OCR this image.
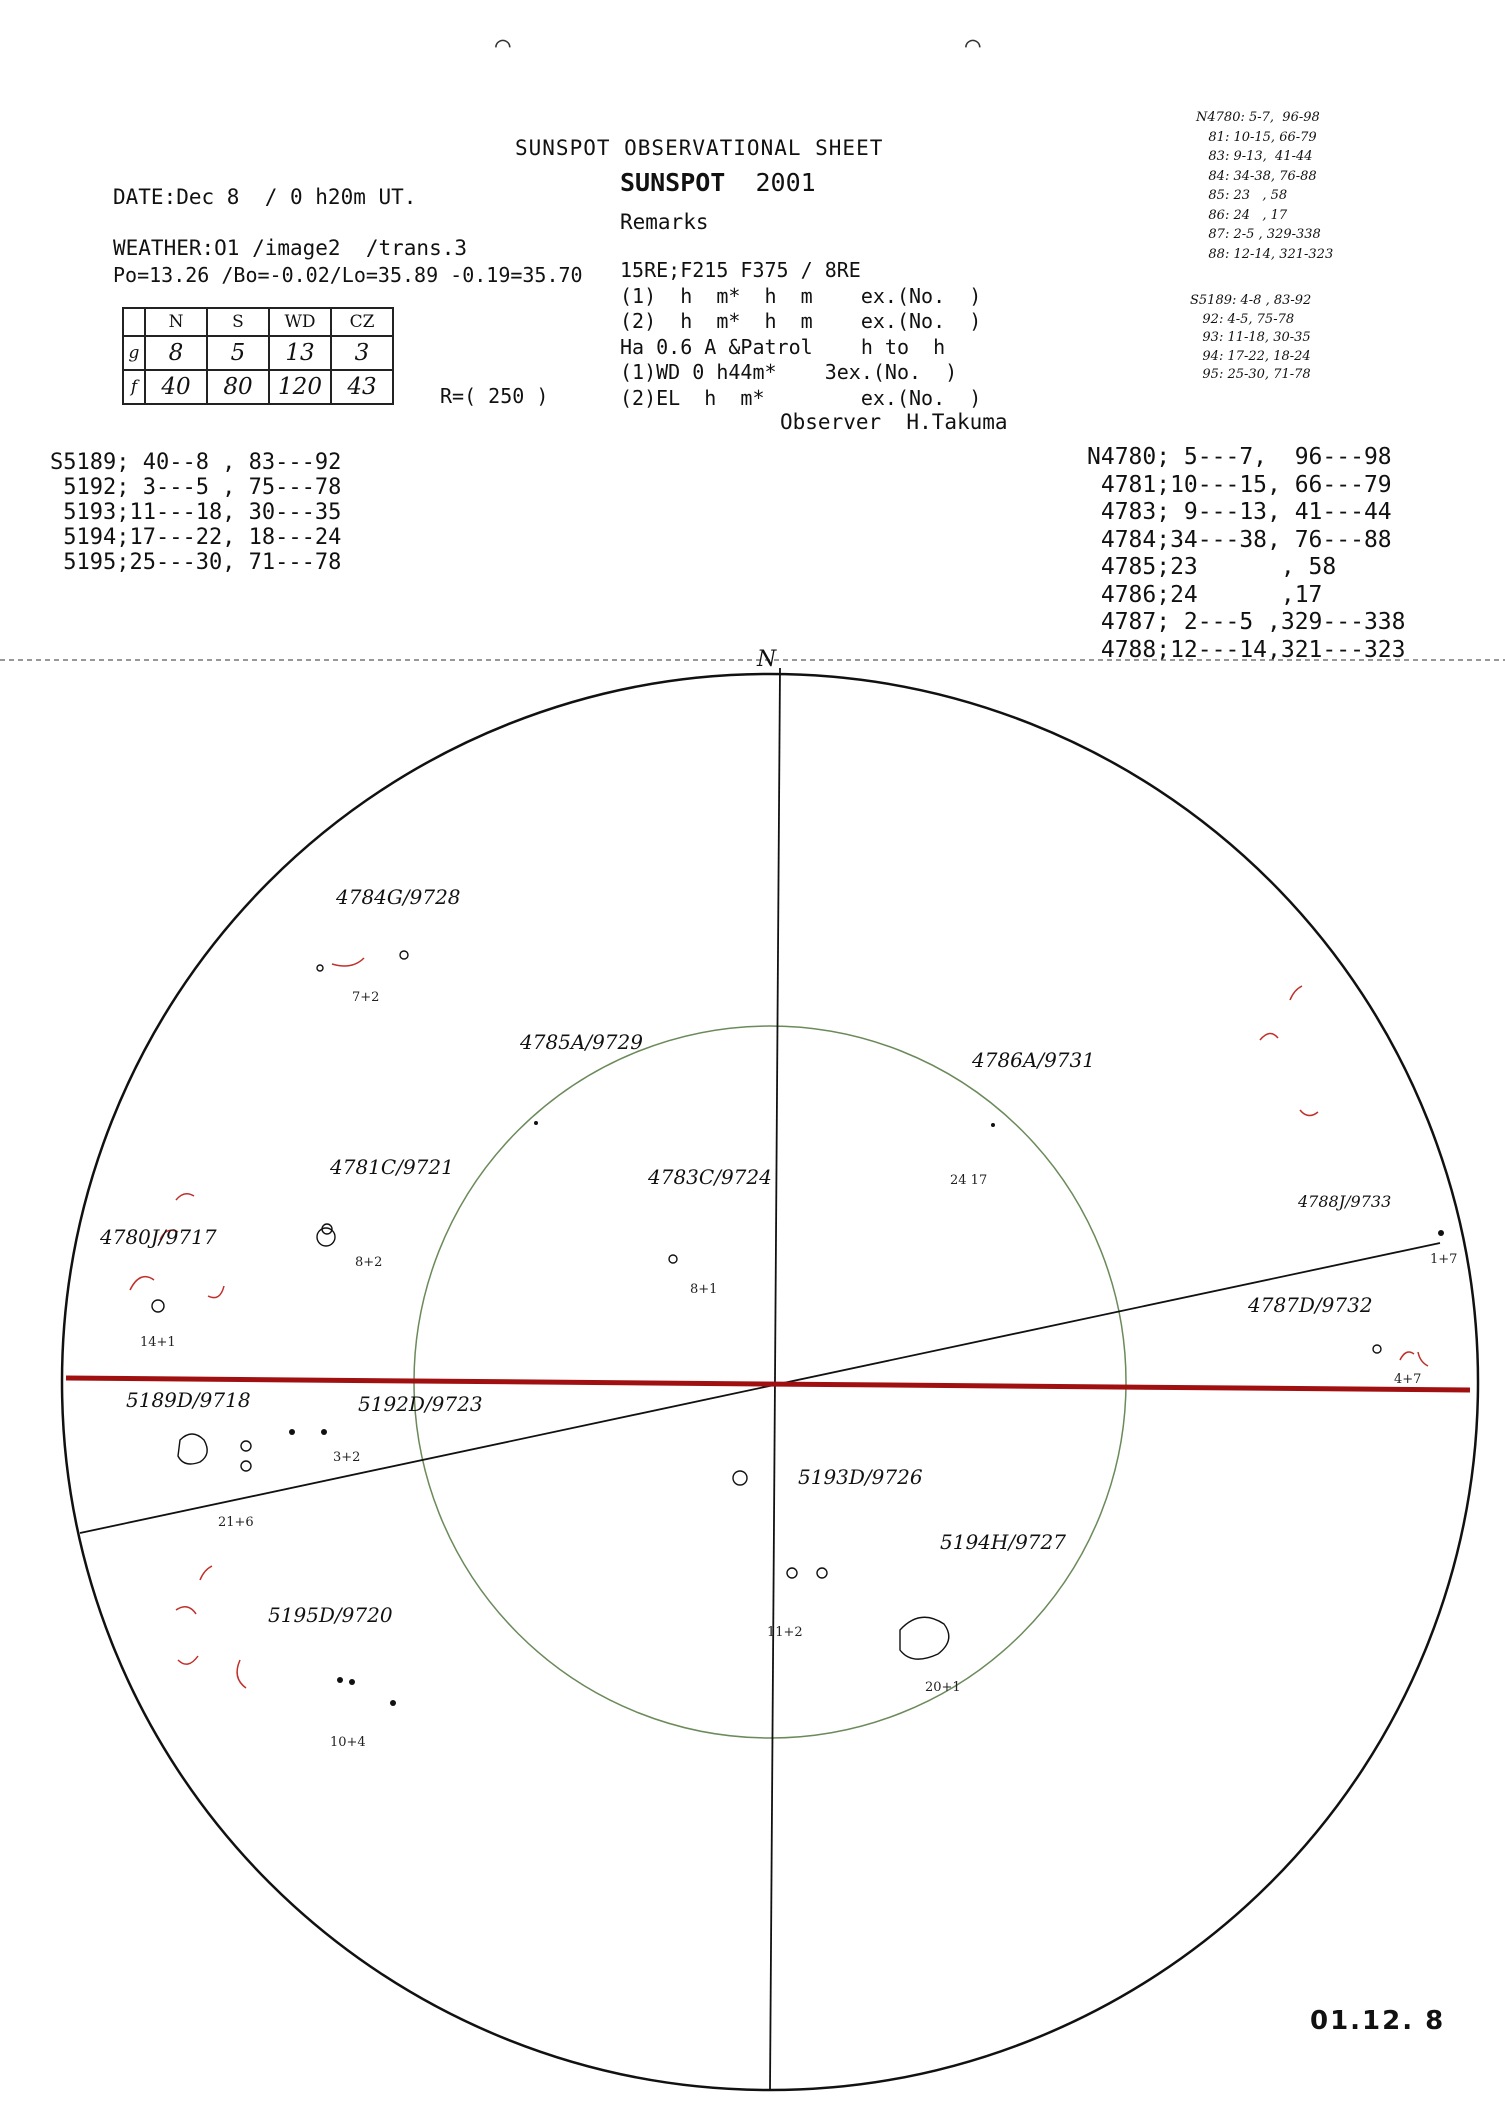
⌒	⌒
SUNSPOT OBSERVATIONAL SHEET
SUNSPOT 2001
DATE:Dec 8  / 0 h20m UT.
WEATHER:O1 /image2  /trans.3
Po=13.26 /Bo=-0.02/Lo=35.89 -0.19=35.70
	N	S	WD	CZ
g	8	5	13	3
f	40	80	120	43	R=( 250 )
Remarks
15RE;F215 F375 / 8RE
(1)  h  m*  h  m    ex.(No.  )
(2)  h  m*  h  m    ex.(No.  )
Ha 0.6 A &Patrol    h to  h
(1)WD 0 h44m*    3ex.(No.  )
(2)EL  h  m*        ex.(No.  )
Observer  H.Takuma
S5189; 40--8 , 83---92
5192; 3---5 , 75---78
5193;11---18, 30---35
5194;17---22, 18---24
5195;25---30, 71---78
N4780; 5---7,  96---98
4781;10---15, 66---79
4783; 9---13, 41---44
4784;34---38, 76---88
4785;23      , 58
4786;24      ,17
4787; 2---5 ,329---338
4788;12---14,321---323
N4780: 5-7,  96-98
81: 10-15, 66-79
83: 9-13,  41-44
84: 34-38, 76-88
85: 23   , 58
86: 24   , 17
87: 2-5 , 329-338
88: 12-14, 321-323
S5189: 4-8 , 83-92
92: 4-5, 75-78
93: 11-18, 30-35
94: 17-22, 18-24
95: 25-30, 71-78
N
4784G/9728
7+2
4785A/9729
4786A/9731
24 17
4781C/9721
8+2
4783C/9724
8+1
4780J/9717
14+1
4788J/9733
1+7
4787D/9732
4+7
5189D/9718
21+6
5192D/9723
3+2
5193D/9726
11+2
5194H/9727
20+1
5195D/9720
10+4
01.12. 8
